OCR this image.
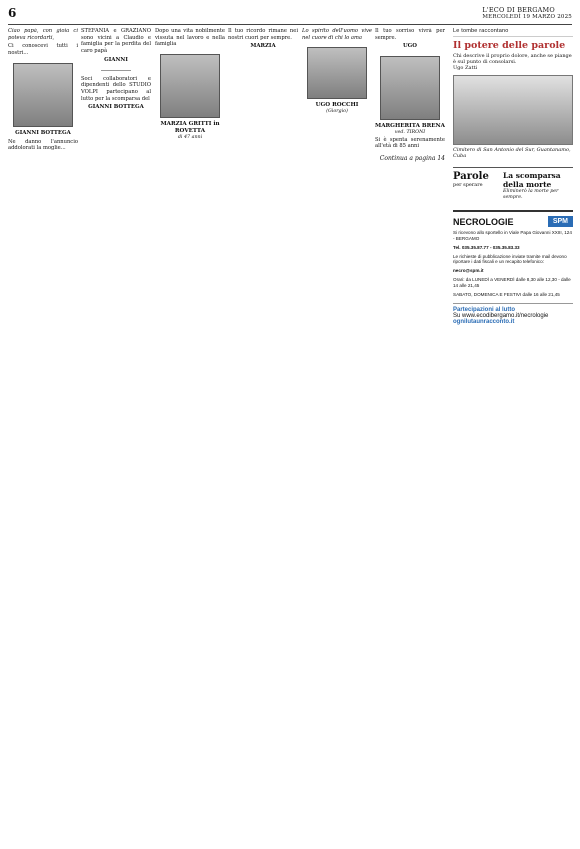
6	L'ECO DI BERGAMO
MERCOLEDÌ 19 MARZO 2025

Ciao papà, con gioia ci poteva ricordarti,

Ci conoscevi tutti i nostri...

GIANNI BOTTEGA

Ne danno l'annuncio addolorati la moglie...

STEFANIA e GRAZIANO sono vicini a Claudio e famiglia per la perdita del caro papà

GIANNI

Soci collaboratori e dipendenti dello STUDIO VOLPI partecipano al lutto per la scomparsa del

GIANNI BOTTEGA

Dopo una vita nobilmente vissuta nel lavoro e nella famiglia

MARZIA GRITTI in ROVETTA
di 47 anni

Il tuo ricordo rimane nei nostri cuori per sempre.

MARZIA

Lo spirito dell'uomo vive nel cuore di chi lo ama

UGO ROCCHI
(Giorgio)

Il tuo sorriso vivrà per sempre.

UGO
MARGHERITA BRENA
ved. TIRONI

Si è spenta serenamente all'età di 85 anni

Continua a pagina 14
Le tombe raccontano
Il potere delle parole
Chi descrive il proprio dolore, anche se piange è sul punto di consolarsi.
Ugo Zatti
Cimitero di San Antonio del Sur, Guantanamo, Cuba
Parole
per sperare
La scomparsa della morte
Eliminerò la morte per sempre.
NECROLOGIE	SPM

Si ricevono allo sportello in Viale Papa Giovanni XXIII, 124 - BERGAMO

Tel. 035.35.87.77 - 035.35.83.33

Le richieste di pubblicazione inviate tramite mail devono riportare i dati fiscali e un recapito telefonico:

necro@spm.it

Orari: da LUNEDÌ a VENERDÌ dalle 8,30 alle 12,30 - dalle 14 alle 21,45

SABATO, DOMENICA E FESTIVI dalle 16 alle 21,45

Partecipazioni al lutto
Su www.ecodibergamo.it/necrologie
ognilutaunracconto.it
